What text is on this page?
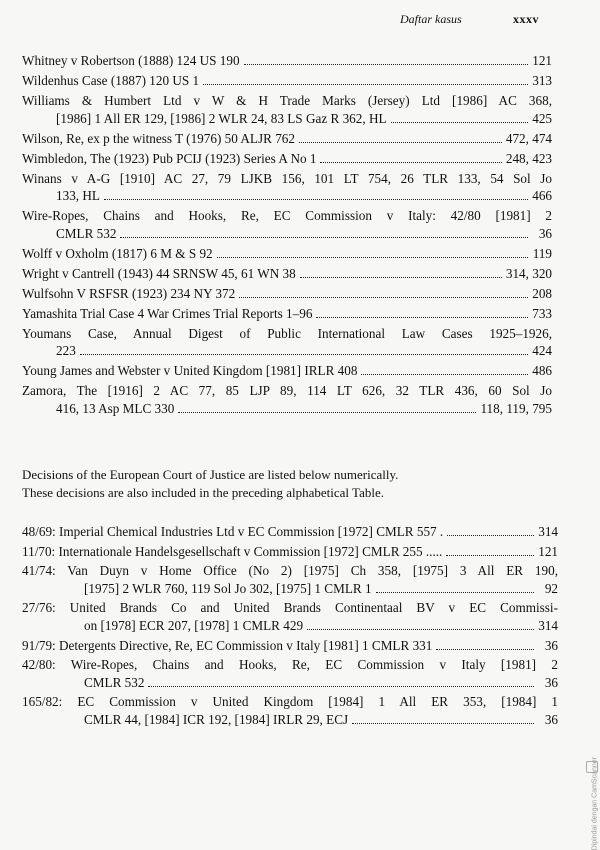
Daftar kasus	xxxv
Whitney v Robertson (1888) 124 US 190	121
Wildenhus Case (1887) 120 US 1	313
Williams & Humbert Ltd v W & H Trade Marks (Jersey) Ltd [1986] AC 368,
[1986] 1 All ER 129, [1986] 2 WLR 24, 83 LS Gaz R 362, HL	425
Wilson, Re, ex p the witness T (1976) 50 ALJR 762	472, 474
Wimbledon, The (1923) Pub PCIJ (1923) Series A No 1	248, 423
Winans v A-G [1910] AC 27, 79 LJKB 156, 101 LT 754, 26 TLR 133, 54 Sol Jo
133, HL	466
Wire-Ropes, Chains and Hooks, Re, EC Commission v Italy: 42/80 [1981] 2
CMLR 532	36
Wolff v Oxholm (1817) 6 M & S 92	119
Wright v Cantrell (1943) 44 SRNSW 45, 61 WN 38	314, 320
Wulfsohn V RSFSR (1923) 234 NY 372	208
Yamashita Trial Case 4 War Crimes Trial Reports 1–96	733
Youmans Case, Annual Digest of Public International Law Cases 1925–1926,
223	424
Young James and Webster v United Kingdom [1981] IRLR 408	486
Zamora, The [1916] 2 AC 77, 85 LJP 89, 114 LT 626, 32 TLR 436, 60 Sol Jo
416, 13 Asp MLC 330	118, 119, 795
Decisions of the European Court of Justice are listed below numerically.
These decisions are also included in the preceding alphabetical Table.
48/69: Imperial Chemical Industries Ltd v EC Commission [1972] CMLR 557 .	314
11/70: Internationale Handelsgesellschaft v Commission [1972] CMLR 255 .....	121
41/74: Van Duyn v Home Office (No 2) [1975] Ch 358, [1975] 3 All ER 190,
[1975] 2 WLR 760, 119 Sol Jo 302, [1975] 1 CMLR 1	92
27/76: United Brands Co and United Brands Continentaal BV v EC Commissi-
on [1978] ECR 207, [1978] 1 CMLR 429	314
91/79: Detergents Directive, Re, EC Commission v Italy [1981] 1 CMLR 331	36
42/80: Wire-Ropes, Chains and Hooks, Re, EC Commission v Italy [1981] 2
CMLR 532	36
165/82: EC Commission v United Kingdom [1984] 1 All ER 353, [1984] 1
CMLR 44, [1984] ICR 192, [1984] IRLR 29, ECJ	36
Dipindai dengan CamScanner
